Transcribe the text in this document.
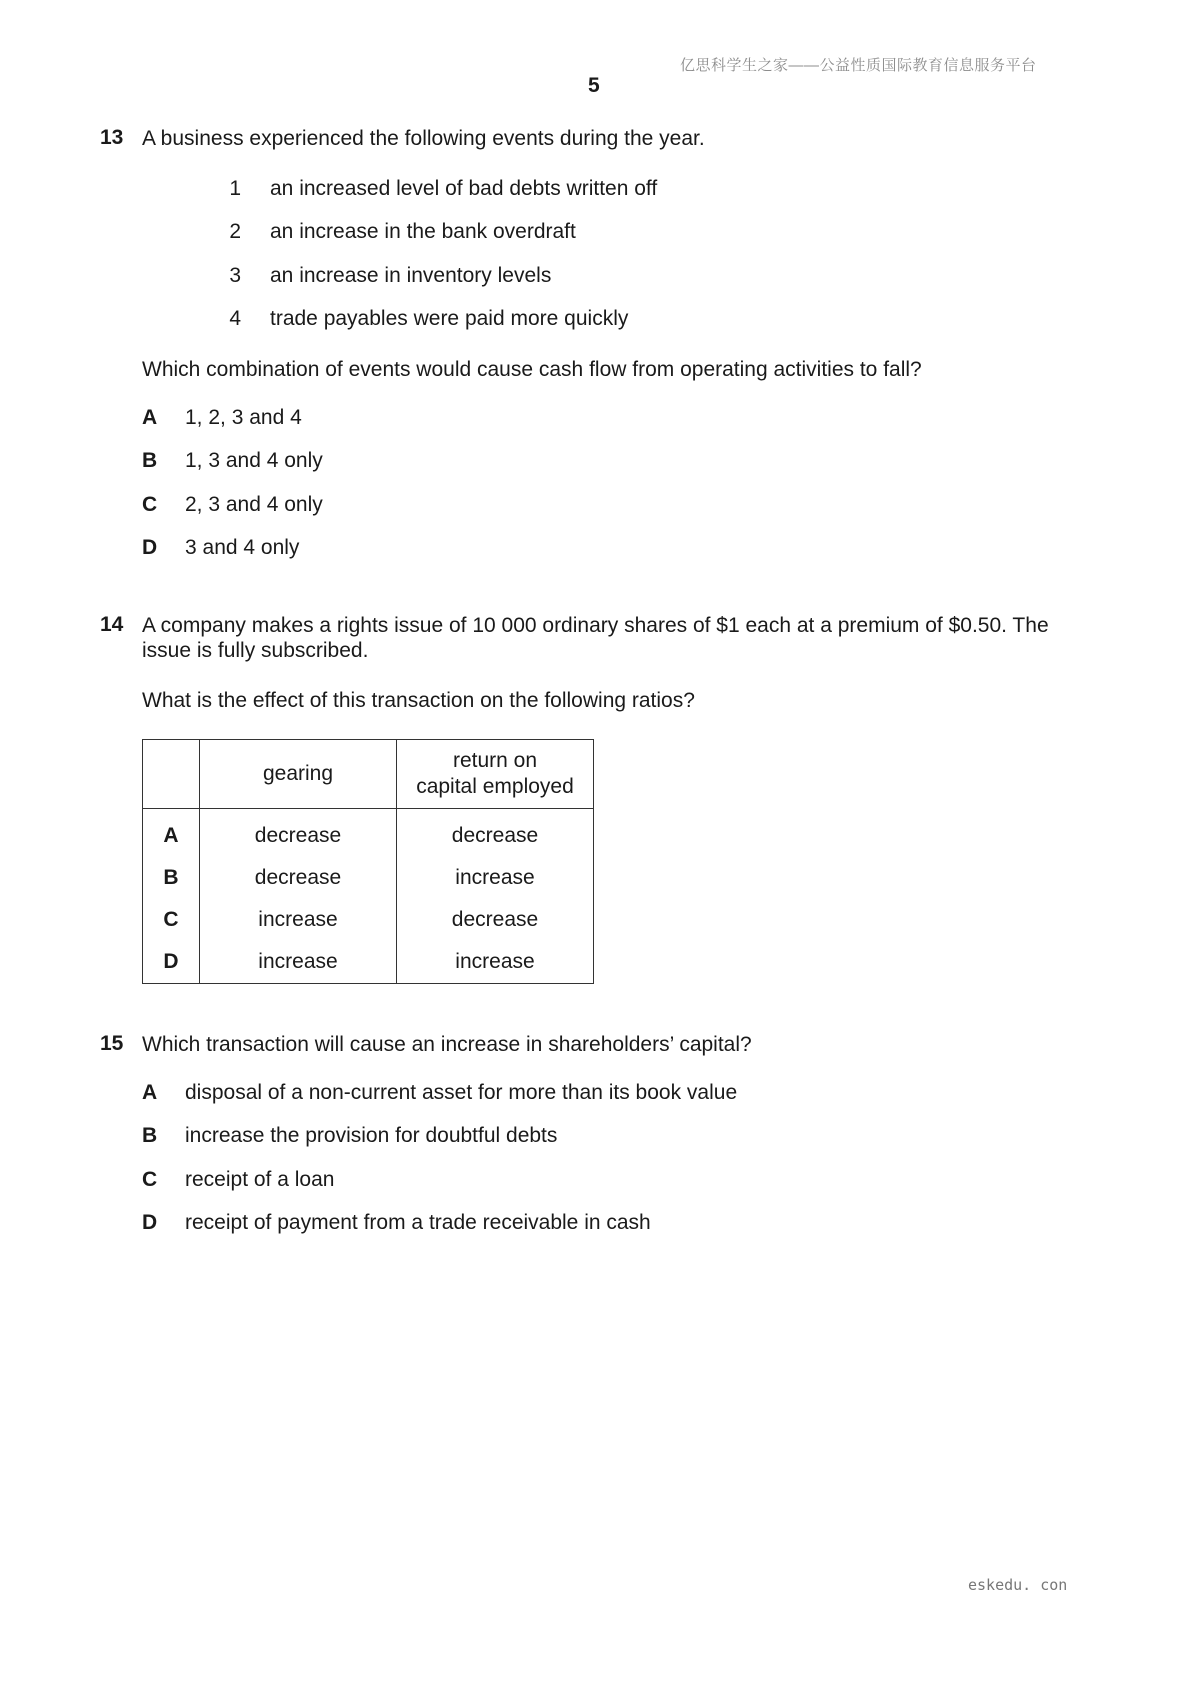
亿思科学生之家——公益性质国际教育信息服务平台
5
13 A business experienced the following events during the year.
1 an increased level of bad debts written off
2 an increase in the bank overdraft
3 an increase in inventory levels
4 trade payables were paid more quickly
Which combination of events would cause cash flow from operating activities to fall?
A 1, 2, 3 and 4
B 1, 3 and 4 only
C 2, 3 and 4 only
D 3 and 4 only
14 A company makes a rights issue of 10 000 ordinary shares of $1 each at a premium of $0.50. The
issue is fully subscribed.
What is the effect of this transaction on the following ratios?
	gearing	return on
capital employed

A	decrease	decrease
B	decrease	increase
C	increase	decrease
D	increase	increase
15 Which transaction will cause an increase in shareholders’ capital?
A disposal of a non-current asset for more than its book value
B increase the provision for doubtful debts
C receipt of a loan
D receipt of payment from a trade receivable in cash
eskedu. con
